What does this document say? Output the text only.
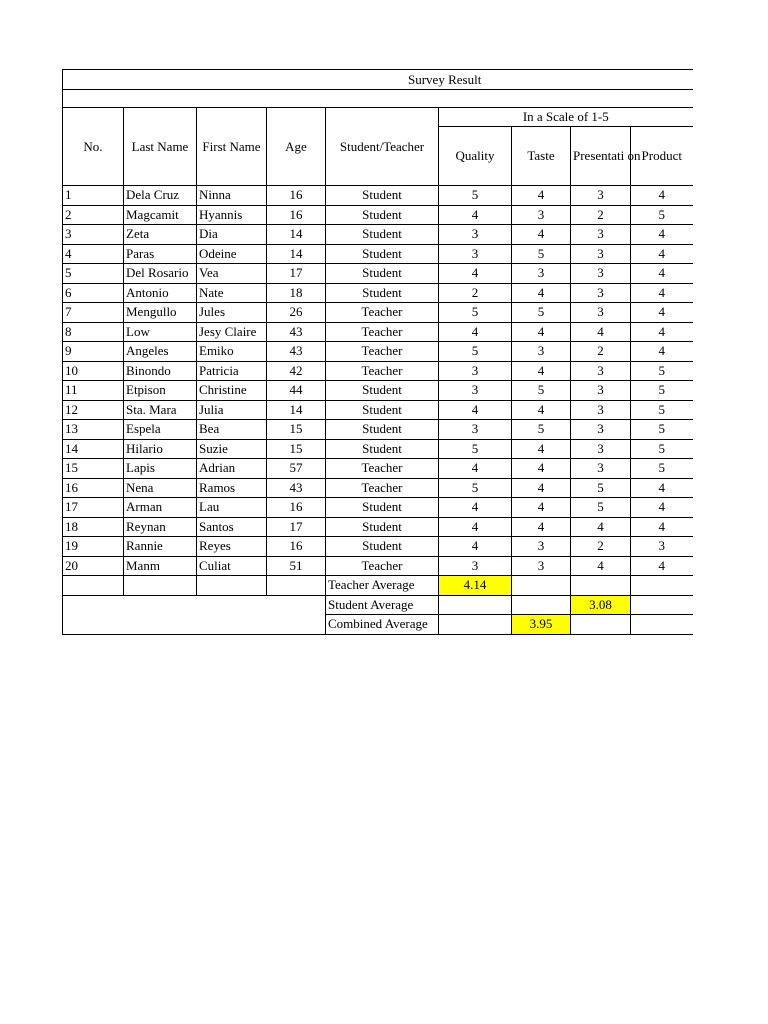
Survey Result								

No.	Last Name	First Name	Age	Student/Teacher	In a Scale of 1-5			
					Quality	Taste	Presentati on	Product
1	Dela Cruz	Ninna	16	Student	5	4	3	4
2	Magcamit	Hyannis	16	Student	4	3	2	5
3	Zeta	Dia	14	Student	3	4	3	4
4	Paras	Odeine	14	Student	3	5	3	4
5	Del Rosario	Vea	17	Student	4	3	3	4
6	Antonio	Nate	18	Student	2	4	3	4
7	Mengullo	Jules	26	Teacher	5	5	3	4
8	Low	Jesy Claire	43	Teacher	4	4	4	4
9	Angeles	Emiko	43	Teacher	5	3	2	4
10	Binondo	Patricia	42	Teacher	3	4	3	5
11	Etpison	Christine	44	Student	3	5	3	5
12	Sta. Mara	Julia	14	Student	4	4	3	5
13	Espela	Bea	15	Student	3	5	3	5
14	Hilario	Suzie	15	Student	5	4	3	5
15	Lapis	Adrian	57	Teacher	4	4	3	5
16	Nena	Ramos	43	Teacher	5	4	5	4
17	Arman	Lau	16	Student	4	4	5	4
18	Reynan	Santos	17	Student	4	4	4	4
19	Rannie	Reyes	16	Student	4	3	2	3
20	Manm	Culiat	51	Teacher	3	3	4	4
				Teacher Average	4.14			
				Student Average			3.08	
				Combined Average		3.95		
